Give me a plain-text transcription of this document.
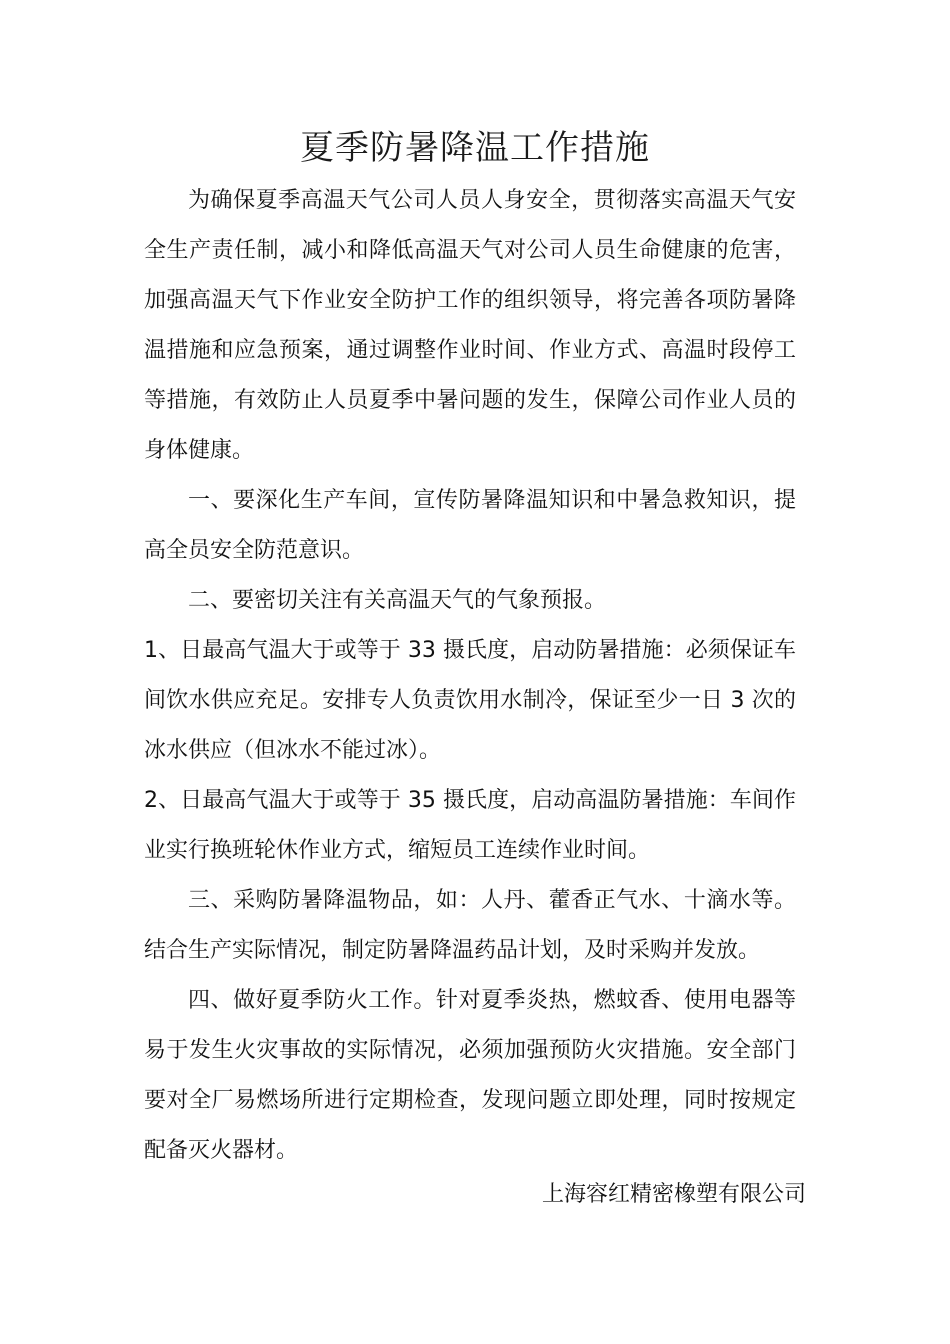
夏季防暑降温工作措施

为确保夏季高温天气公司人员人身安全，贯彻落实高温天气安全生产责任制，减小和降低高温天气对公司人员生命健康的危害，加强高温天气下作业安全防护工作的组织领导，将完善各项防暑降温措施和应急预案，通过调整作业时间、作业方式、高温时段停工等措施，有效防止人员夏季中暑问题的发生，保障公司作业人员的身体健康。

一、要深化生产车间，宣传防暑降温知识和中暑急救知识，提高全员安全防范意识。

二、要密切关注有关高温天气的气象预报。

1、日最高气温大于或等于 33 摄氏度，启动防暑措施：必须保证车间饮水供应充足。安排专人负责饮用水制冷，保证至少一日 3 次的冰水供应（但冰水不能过冰）。

2、日最高气温大于或等于 35 摄氏度，启动高温防暑措施：车间作业实行换班轮休作业方式，缩短员工连续作业时间。

三、采购防暑降温物品，如：人丹、藿香正气水、十滴水等。结合生产实际情况，制定防暑降温药品计划，及时采购并发放。

四、做好夏季防火工作。针对夏季炎热，燃蚊香、使用电器等易于发生火灾事故的实际情况，必须加强预防火灾措施。安全部门要对全厂易燃场所进行定期检查，发现问题立即处理，同时按规定配备灭火器材。

上海容红精密橡塑有限公司
